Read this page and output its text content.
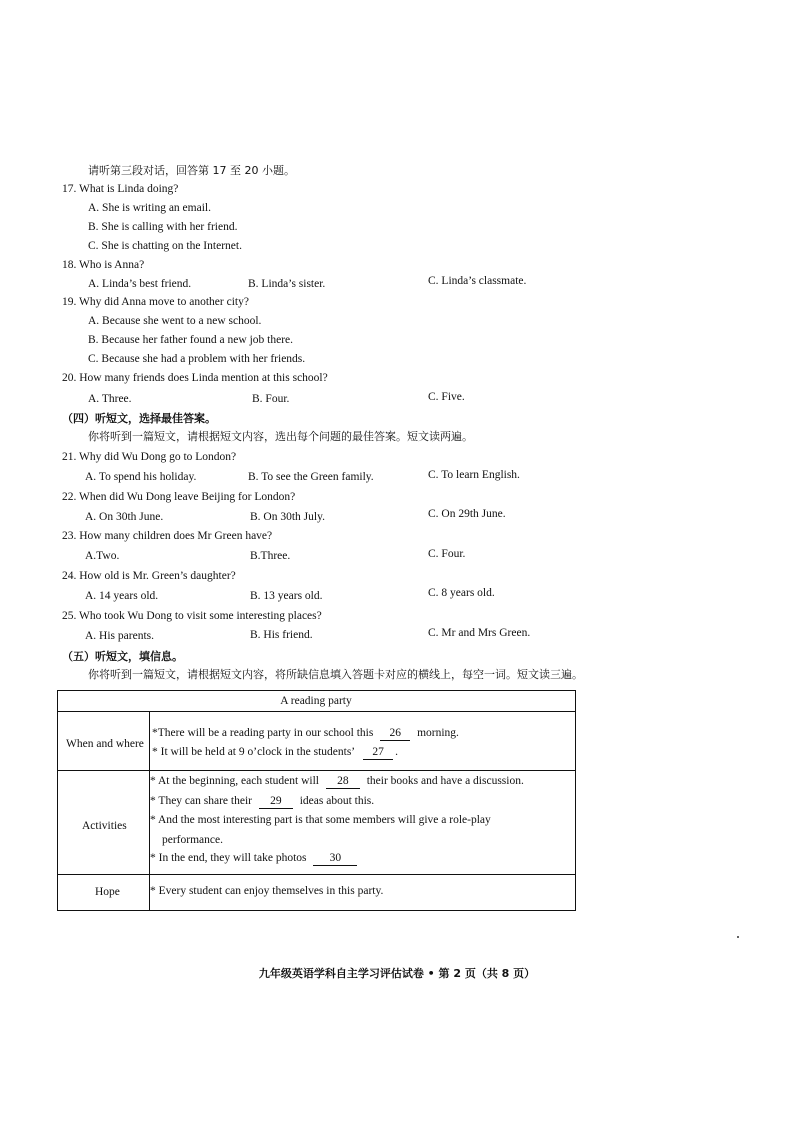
请听第三段对话，回答第 17 至 20 小题。
17. What is Linda doing?
A. She is writing an email.
B. She is calling with her friend.
C. She is chatting on the Internet.
18. Who is Anna?
A. Linda’s best friend.	B. Linda’s sister.	C. Linda’s classmate.
19. Why did Anna move to another city?
A. Because she went to a new school.
B. Because her father found a new job there.
C. Because she had a problem with her friends.
20. How many friends does Linda mention at this school?
A. Three.	B. Four.	C. Five.
（四）听短文，选择最佳答案。
你将听到一篇短文，请根据短文内容，选出每个问题的最佳答案。短文读两遍。
21. Why did Wu Dong go to London?
A. To spend his holiday.	B. To see the Green family.	C. To learn English.
22. When did Wu Dong leave Beijing for London?
A. On 30th June.	B. On 30th July.	C. On 29th June.
23. How many children does Mr Green have?
A.Two.	B.Three.	C. Four.
24. How old is Mr. Green’s daughter?
A. 14 years old.	B. 13 years old.	C. 8 years old.
25. Who took Wu Dong to visit some interesting places?
A. His parents.	B. His friend.	C. Mr and Mrs Green.
（五）听短文，填信息。
你将听到一篇短文，请根据短文内容，将所缺信息填入答题卡对应的横线上，每空一词。短文读三遍。
A reading party
When and where
*There will be a reading party in our school this 26 morning.
* It will be held at 9 o’clock in the students’ 27 .
Activities
* At the beginning, each student will 28 their books and have a discussion.
* They can share their 29 ideas about this.
* And the most interesting part is that some members will give a role-play
performance.
* In the end, they will take photos 30
Hope	* Every student can enjoy themselves in this party.
九年级英语学科自主学习评估试卷 • 第 2 页（共 8 页）
